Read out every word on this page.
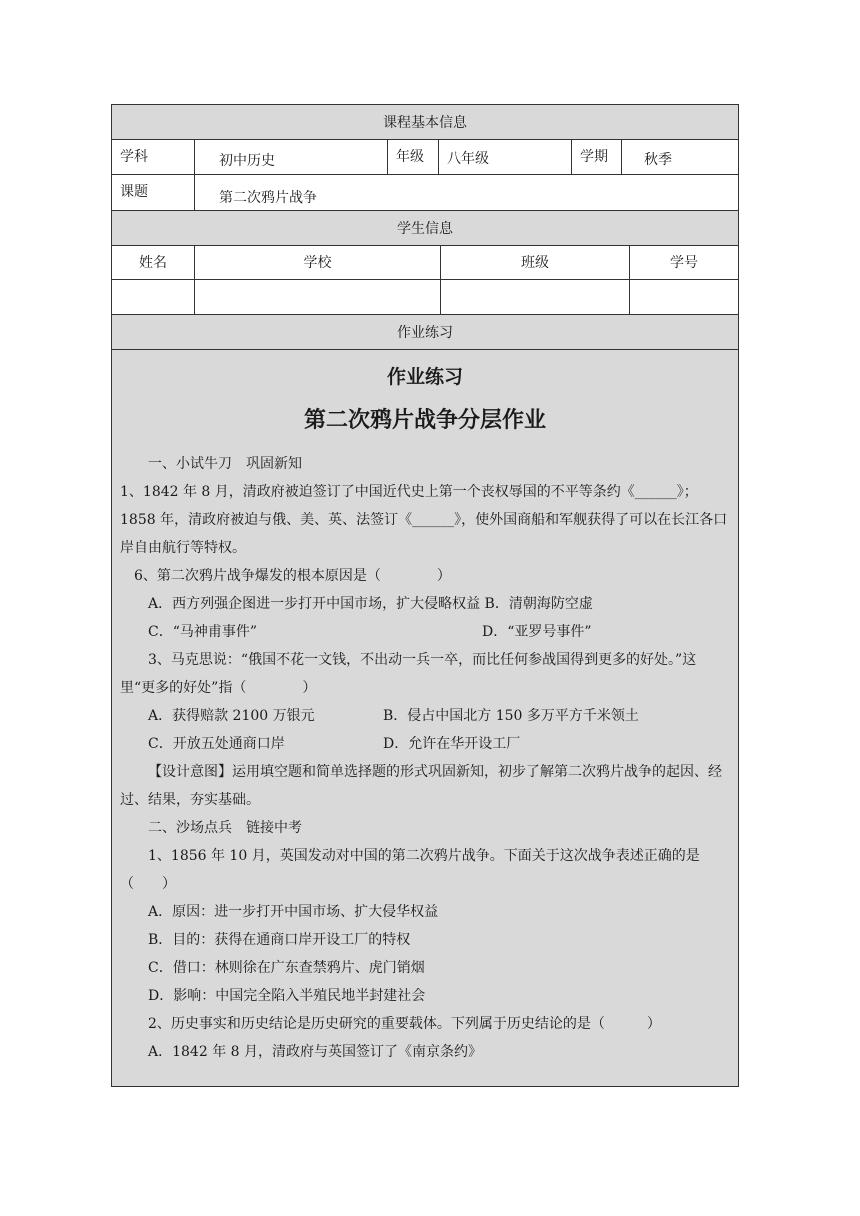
课程基本信息
学科	初中历史	年级	八年级	学期	秋季
课题	第二次鸦片战争
学生信息
姓名	学校	班级	学号
作业练习
作业练习
第二次鸦片战争分层作业

一、小试牛刀　巩固新知

1、1842 年 8 月，清政府被迫签订了中国近代史上第一个丧权辱国的不平等条约《______》；

1858 年，清政府被迫与俄、美、英、法签订《______》，使外国商船和军舰获得了可以在长江各口岸自由航行等特权。

6、第二次鸦片战争爆发的根本原因是（　　　　）

A．西方列强企图进一步打开中国市场，扩大侵略权益 B．清朝海防空虚

C．“马神甫事件”	D．“亚罗号事件”

3、马克思说：“俄国不花一文钱，不出动一兵一卒，而比任何参战国得到更多的好处。”这里“更多的好处”指（　　　　）

A．获得赔款 2100 万银元	B．侵占中国北方 150 多万平方千米领土
C．开放五处通商口岸	D．允许在华开设工厂

【设计意图】运用填空题和简单选择题的形式巩固新知，初步了解第二次鸦片战争的起因、经过、结果，夯实基础。

二、沙场点兵　链接中考

1、1856 年 10 月，英国发动对中国的第二次鸦片战争。下面关于这次战争表述正确的是（　　）

A．原因：进一步打开中国市场、扩大侵华权益

B．目的：获得在通商口岸开设工厂的特权

C．借口：林则徐在广东查禁鸦片、虎门销烟

D．影响：中国完全陷入半殖民地半封建社会

2、历史事实和历史结论是历史研究的重要载体。下列属于历史结论的是（　　　）

A．1842 年 8 月，清政府与英国签订了《南京条约》
